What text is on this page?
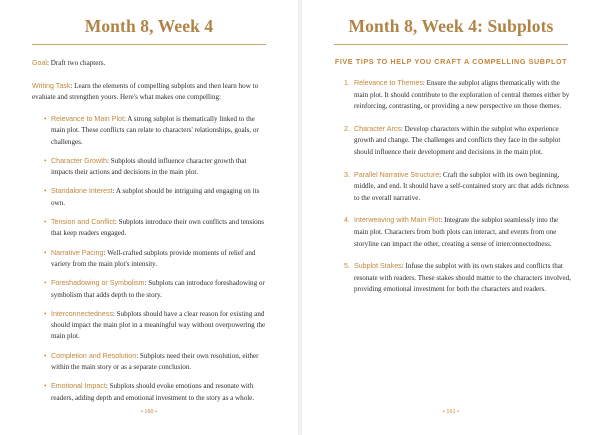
Month 8, Week 4

Goal: Draft two chapters.

Writing Task: Learn the elements of compelling subplots and then learn how to evaluate and strengthen yours. Here's what makes one compelling:

• Relevance to Main Plot: A strong subplot is thematically linked to the main plot. These conflicts can relate to characters' relationships, goals, or challenges.
• Character Growth: Subplots should influence character growth that impacts their actions and decisions in the main plot.
• Standalone Interest: A subplot should be intriguing and engaging on its own.
• Tension and Conflict: Subplots introduce their own conflicts and tensions that keep readers engaged.
• Narrative Pacing: Well-crafted subplots provide moments of relief and variety from the main plot's intensity.
• Foreshadowing or Symbolism: Subplots can introduce foreshadowing or symbolism that adds depth to the story.
• Interconnectedness: Subplots should have a clear reason for existing and should impact the main plot in a meaningful way without overpowering the main plot.
• Completion and Resolution: Subplots need their own resolution, either within the main story or as a separate conclusion.
• Emotional Impact: Subplots should evoke emotions and resonate with readers, adding depth and emotional investment to the story as a whole.
• 160 •
Month 8, Week 4: Subplots
FIVE TIPS TO HELP YOU CRAFT A COMPELLING SUBPLOT
1. Relevance to Themes: Ensure the subplot aligns thematically with the main plot. It should contribute to the exploration of central themes either by reinforcing, contrasting, or providing a new perspective on those themes.
2. Character Arcs: Develop characters within the subplot who experience growth and change. The challenges and conflicts they face in the subplot should influence their development and decisions in the main plot.
3. Parallel Narrative Structure: Craft the subplot with its own beginning, middle, and end. It should have a self-contained story arc that adds richness to the overall narrative.
4. Interweaving with Main Plot: Integrate the subplot seamlessly into the main plot. Characters from both plots can interact, and events from one storyline can impact the other, creating a sense of interconnectedness.
5. Subplot Stakes: Infuse the subplot with its own stakes and conflicts that resonate with readers. These stakes should matter to the characters involved, providing emotional investment for both the characters and readers.
• 161 •
